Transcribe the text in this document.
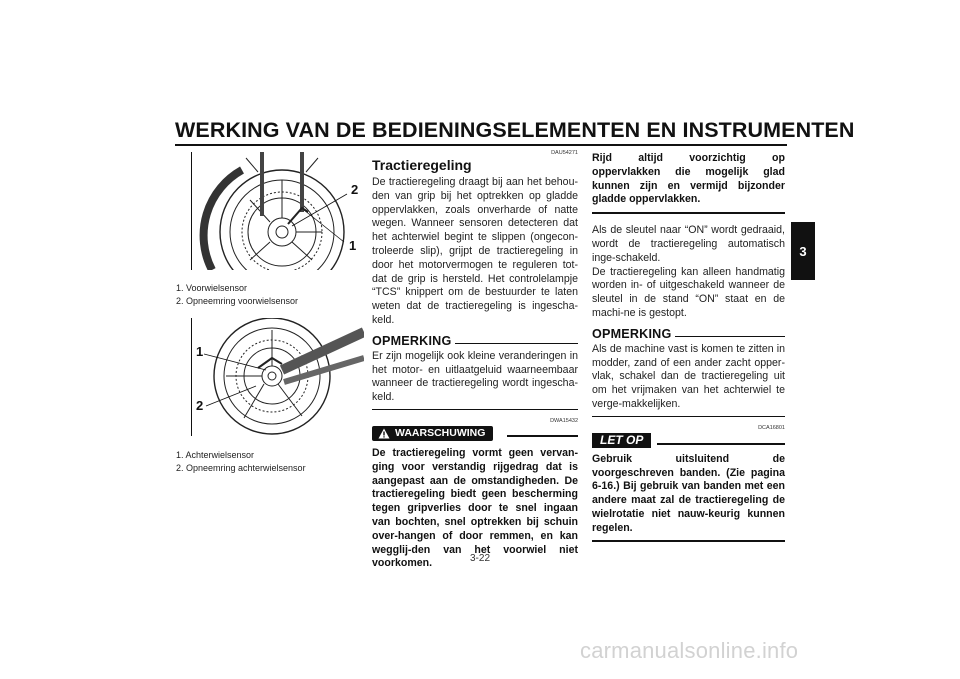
WERKING VAN DE BEDIENINGSELEMENTEN EN INSTRUMENTEN
3
2
1
1. Voorwielsensor
2. Opneemring voorwielsensor
1
2
1. Achterwielsensor
2. Opneemring achterwielsensor
DAU54271
Tractieregeling
De tractieregeling draagt bij aan het behou-den van grip bij het optrekken op gladde oppervlakken, zoals onverharde of natte wegen. Wanneer sensoren detecteren dat het achterwiel begint te slippen (ongecon-troleerde slip), grijpt de tractieregeling in door het motorvermogen te reguleren tot-dat de grip is hersteld. Het controlelampje “TCS” knippert om de bestuurder te laten weten dat de tractieregeling is ingescha-keld.
OPMERKING
Er zijn mogelijk ook kleine veranderingen in het motor- en uitlaatgeluid waarneembaar wanneer de tractieregeling wordt ingescha-keld.
DWA15432
WAARSCHUWING
De tractieregeling vormt geen vervan-ging voor verstandig rijgedrag dat is aangepast aan de omstandigheden. De tractieregeling biedt geen bescherming tegen gripverlies door te snel ingaan van bochten, snel optrekken bij schuin over-hangen of door remmen, en kan wegglij-den van het voorwiel niet voorkomen.
Rijd altijd voorzichtig op oppervlakken die mogelijk glad kunnen zijn en vermijd bijzonder gladde oppervlakken.
Als de sleutel naar “ON” wordt gedraaid, wordt de tractieregeling automatisch inge-schakeld.
De tractieregeling kan alleen handmatig worden in- of uitgeschakeld wanneer de sleutel in de stand “ON” staat en de machi-ne is gestopt.
OPMERKING
Als de machine vast is komen te zitten in modder, zand of een ander zacht opper-vlak, schakel dan de tractieregeling uit om het vrijmaken van het achterwiel te verge-makkelijken.
DCA16801
LET OP
Gebruik uitsluitend de voorgeschreven banden. (Zie pagina 6-16.) Bij gebruik van banden met een andere maat zal de tractieregeling de wielrotatie niet nauw-keurig kunnen regelen.
3-22
carmanualsonline.info
